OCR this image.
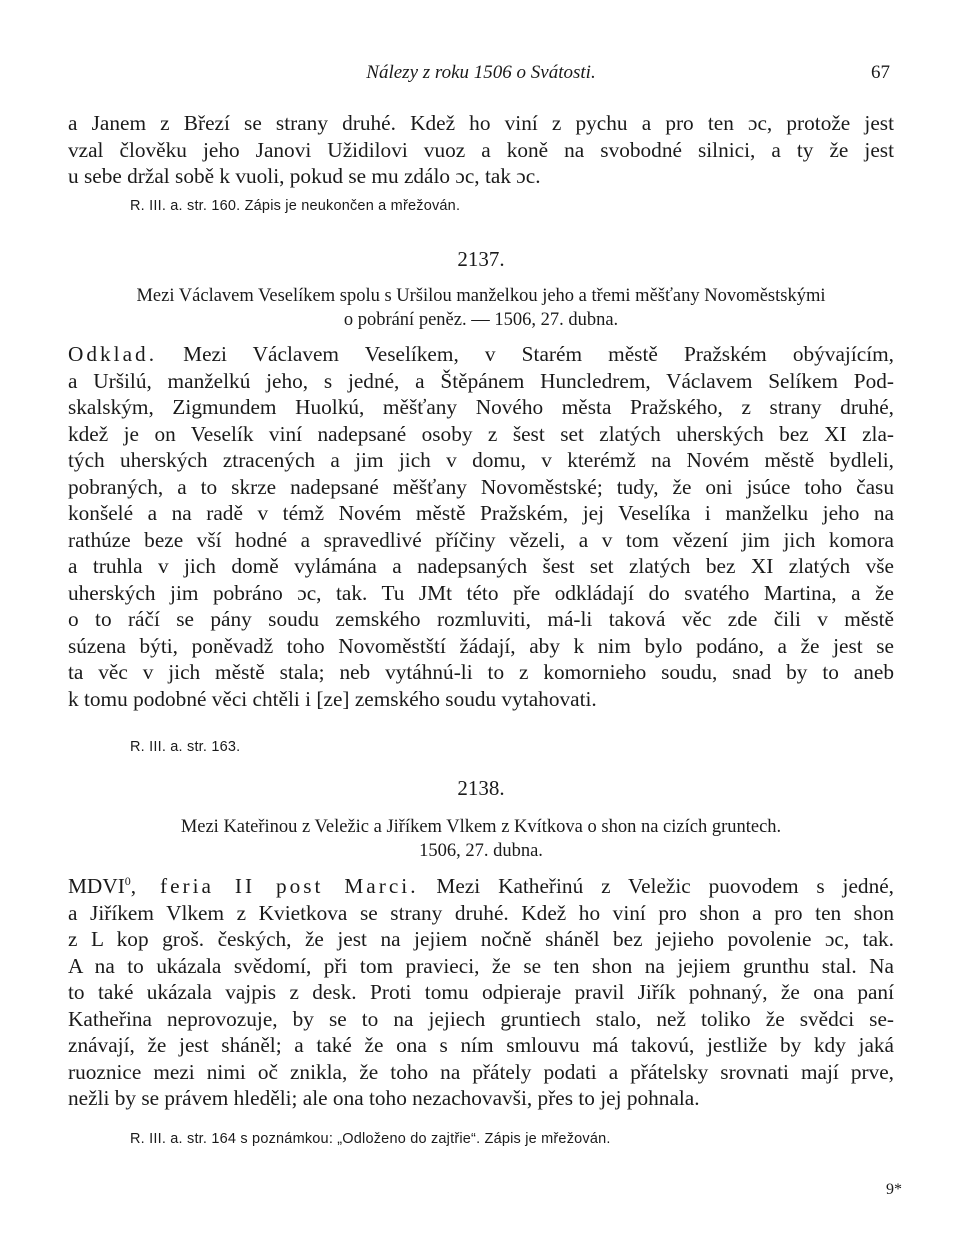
Nálezy z roku 1506 o Svátosti.	67

a Janem z Březí se strany druhé. Kdež ho viní z pychu a pro ten ɔc, protože jest
vzal člověku jeho Janovi Užidilovi vuoz a koně na svobodné silnici, a ty že jest
u sebe držal sobě k vuoli, pokud se mu zdálo ɔc, tak ɔc.

R. III. a. str. 160. Zápis je neukončen a mřežován.

2137.
Mezi Václavem Veselíkem spolu s Uršilou manželkou jeho a třemi měšťany Novoměstskými
o pobrání peněz. — 1506, 27. dubna.

Odklad. Mezi Václavem Veselíkem, v Starém městě Pražském obývajícím,
a Uršilú, manželkú jeho, s jedné, a Štěpánem Huncledrem, Václavem Selíkem Pod-
skalským, Zigmundem Huolkú, měšťany Nového města Pražského, z strany druhé,
kdež je on Veselík viní nadepsané osoby z šest set zlatých uherských bez XI zla-
tých uherských ztracených a jim jich v domu, v kterémž na Novém městě bydleli,
pobraných, a to skrze nadepsané měšťany Novoměstské; tudy, že oni jsúce toho času
konšelé a na radě v témž Novém městě Pražském, jej Veselíka i manželku jeho na
rathúze beze vší hodné a spravedlivé příčiny vězeli, a v tom vězení jim jich komora
a truhla v jich domě vylámána a nadepsaných šest set zlatých bez XI zlatých vše
uherských jim pobráno ɔc, tak. Tu JMt této pře odkládají do svatého Martina, a že
o to ráčí se pány soudu zemského rozmluviti, má-li taková věc zde čili v městě
súzena býti, poněvadž toho Novoměstští žádají, aby k nim bylo podáno, a že jest se
ta věc v jich městě stala; neb vytáhnú-li to z komornieho soudu, snad by to aneb
k tomu podobné věci chtěli i [ze] zemského soudu vytahovati.

R. III. a. str. 163.

2138.
Mezi Kateřinou z Veležic a Jiříkem Vlkem z Kvítkova o shon na cizích gruntech.
1506, 27. dubna.

MDVI$^0$, feria II post Marci. Mezi Katheřinú z Veležic puovodem s jedné,
a Jiříkem Vlkem z Kvietkova se strany druhé. Kdež ho viní pro shon a pro ten shon
z L kop groš. českých, že jest na jejiem nočně sháněl bez jejieho povolenie ɔc, tak.
A na to ukázala svědomí, při tom pravieci, že se ten shon na jejiem grunthu stal. Na
to také ukázala vajpis z desk. Proti tomu odpieraje pravil Jiřík pohnaný, že ona paní
Katheřina neprovozuje, by se to na jejiech gruntiech stalo, než toliko že svědci se-
znávají, že jest sháněl; a také že ona s ním smlouvu má takovú, jestliže by kdy jaká
ruoznice mezi nimi oč znikla, že toho na přátely podati a přátelsky srovnati mají prve,
nežli by se právem hleděli; ale ona toho nezachovavši, přes to jej pohnala.

R. III. a. str. 164 s poznámkou: „Odloženo do zajtřie“. Zápis je mřežován.

9*
